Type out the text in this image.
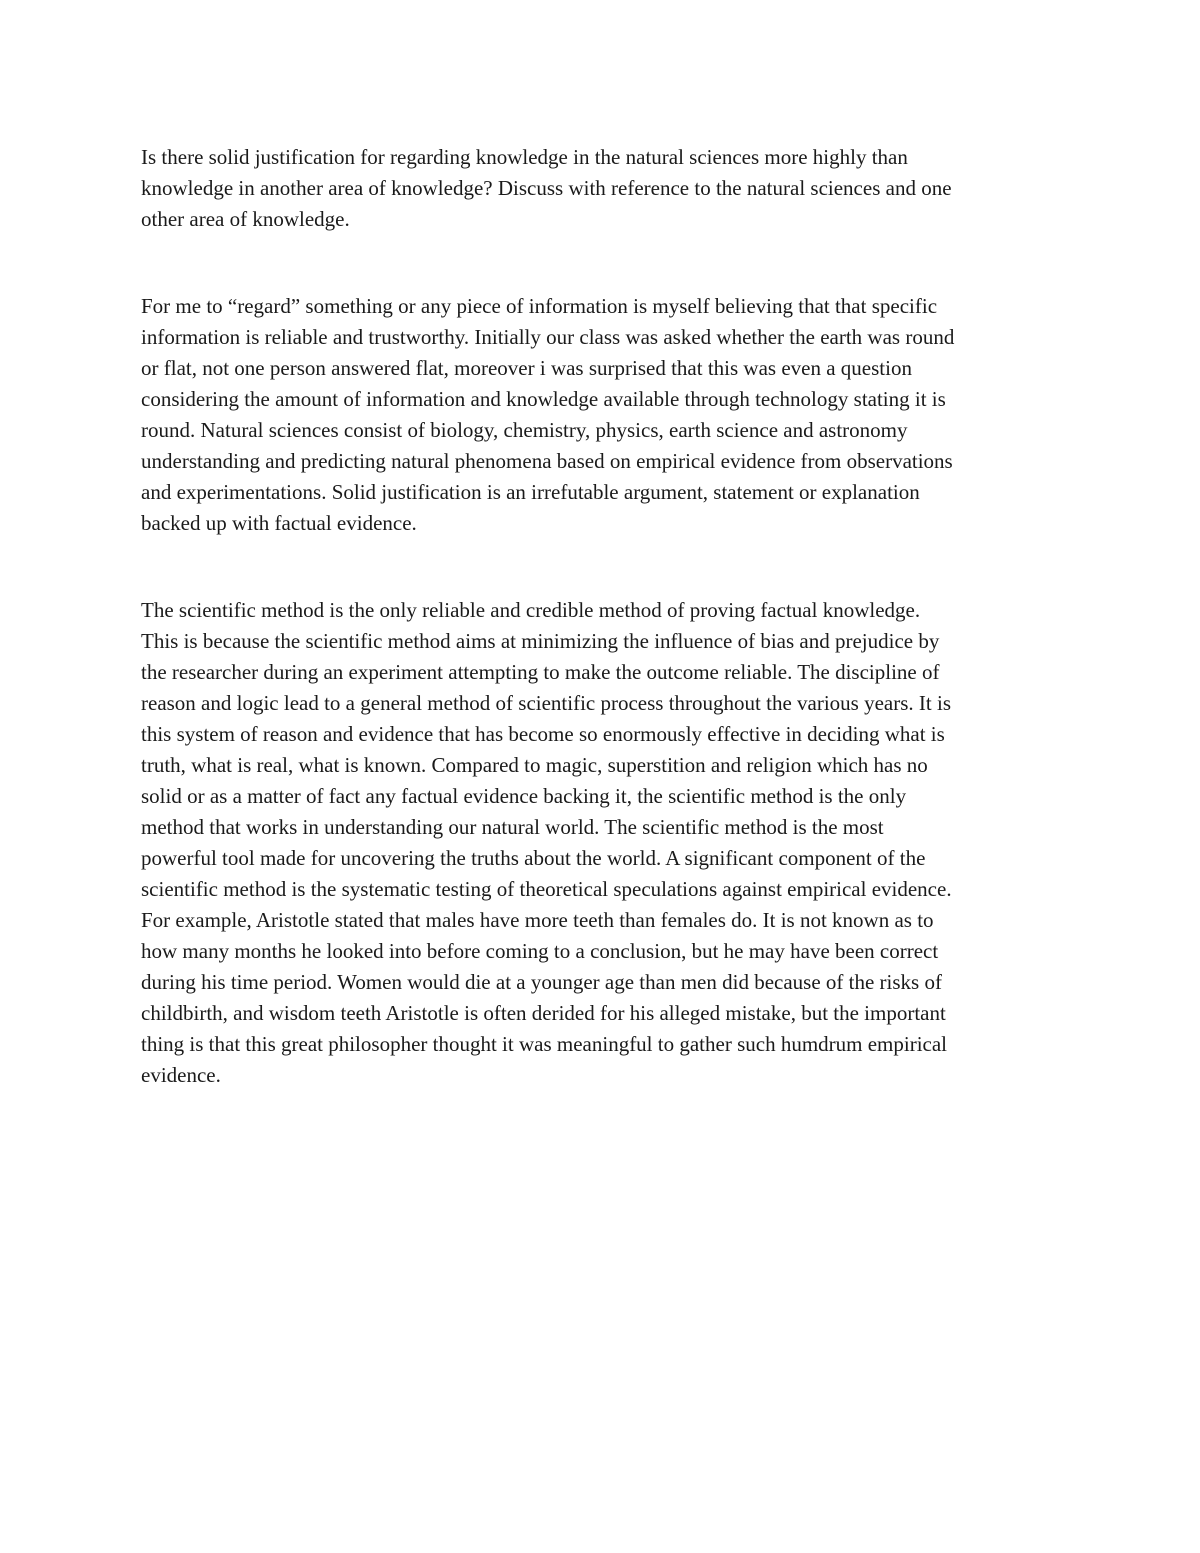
Is there solid justification for regarding knowledge in the natural sciences more highly than
knowledge in another area of knowledge? Discuss with reference to the natural sciences and one
other area of knowledge.

For me to “regard” something or any piece of information is myself believing that that specific
information is reliable and trustworthy. Initially our class was asked whether the earth was round
or flat, not one person answered flat, moreover i was surprised that this was even a question
considering the amount of information and knowledge available through technology stating it is
round. Natural sciences consist of biology, chemistry, physics, earth science and astronomy
understanding and predicting natural phenomena based on empirical evidence from observations
and experimentations. Solid justification is an irrefutable argument, statement or explanation
backed up with factual evidence.

The scientific method is the only reliable and credible method of proving factual knowledge.
This is because the scientific method aims at minimizing the influence of bias and prejudice by
the researcher during an experiment attempting to make the outcome reliable. The discipline of
reason and logic lead to a general method of scientific process throughout the various years. It is
this system of reason and evidence that has become so enormously effective in deciding what is
truth, what is real, what is known. Compared to magic, superstition and religion which has no
solid or as a matter of fact any factual evidence backing it, the scientific method is the only
method that works in understanding our natural world. The scientific method is the most
powerful tool made for uncovering the truths about the world. A significant component of the
scientific method is the systematic testing of theoretical speculations against empirical evidence.
For example, Aristotle stated that males have more teeth than females do. It is not known as to
how many months he looked into before coming to a conclusion, but he may have been correct
during his time period. Women would die at a younger age than men did because of the risks of
childbirth, and wisdom teeth Aristotle is often derided for his alleged mistake, but the important
thing is that this great philosopher thought it was meaningful to gather such humdrum empirical
evidence.
